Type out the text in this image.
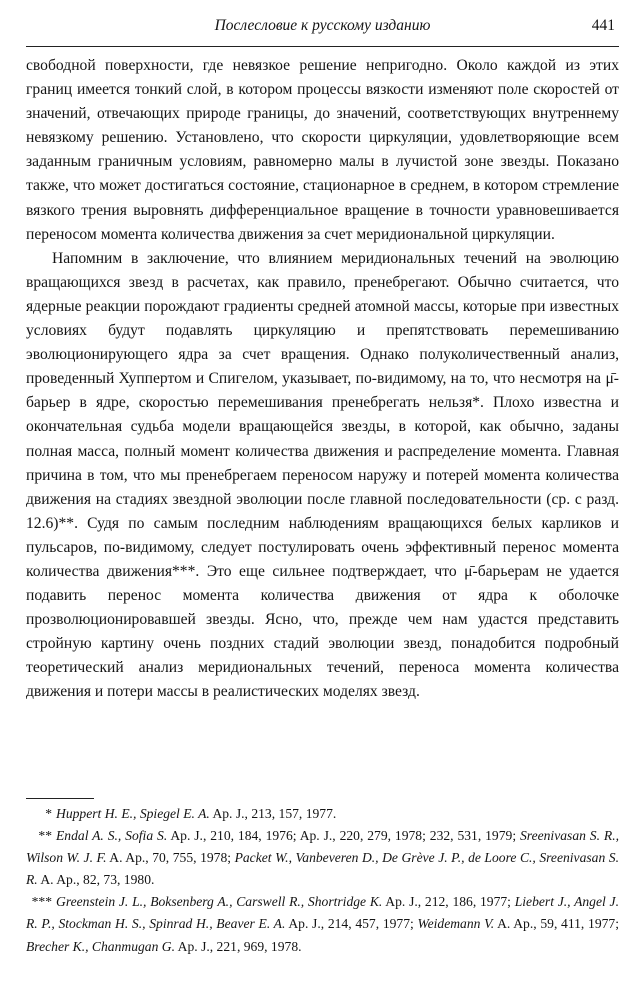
Послесловие к русскому изданию	441

свободной поверхности, где невязкое решение непригодно. Около каждой из этих границ имеется тонкий слой, в котором процессы вязкости изменяют поле скоростей от значений, отвечающих природе границы, до значений, соответствующих внутреннему невязкому решению. Установлено, что скорости циркуляции, удовлетворяющие всем заданным граничным условиям, равномерно малы в лучистой зоне звезды. Показано также, что может достигаться состояние, стационарное в среднем, в котором стремление вязкого трения выровнять дифференциальное вращение в точности уравновешивается переносом момента количества движения за счет меридиональной циркуляции.

Напомним в заключение, что влиянием меридиональных течений на эволюцию вращающихся звезд в расчетах, как правило, пренебрегают. Обычно считается, что ядерные реакции порождают градиенты средней атомной массы, которые при известных условиях будут подавлять циркуляцию и препятствовать перемешиванию эволюционирующего ядра за счет вращения. Однако полуколичественный анализ, проведенный Хуппертом и Спигелом, указывает, по-видимому, на то, что несмотря на μ̄-барьер в ядре, скоростью перемешивания пренебрегать нельзя*. Плохо известна и окончательная судьба модели вращающейся звезды, в которой, как обычно, заданы полная масса, полный момент количества движения и распределение момента. Главная причина в том, что мы пренебрегаем переносом наружу и потерей момента количества движения на стадиях звездной эволюции после главной последовательности (ср. с разд. 12.6)**. Судя по самым последним наблюдениям вращающихся белых карликов и пульсаров, по-видимому, следует постулировать очень эффективный перенос момента количества движения***. Это еще сильнее подтверждает, что μ̄-барьерам не удается подавить перенос момента количества движения от ядра к оболочке прозволюционировавшей звезды. Ясно, что, прежде чем нам удастся представить стройную картину очень поздних стадий эволюции звезд, понадобится подробный теоретический анализ меридиональных течений, переноса момента количества движения и потери массы в реалистических моделях звезд.

* Huppert H. E., Spiegel E. A. Ap. J., 213, 157, 1977.

** Endal A. S., Sofia S. Ap. J., 210, 184, 1976; Ap. J., 220, 279, 1978; 232, 531, 1979; Sreenivasan S. R., Wilson W. J. F. A. Ap., 70, 755, 1978; Packet W., Vanbeveren D., De Grève J. P., de Loore C., Sreenivasan S. R. A. Ap., 82, 73, 1980.

*** Greenstein J. L., Boksenberg A., Carswell R., Shortridge K. Ap. J., 212, 186, 1977; Liebert J., Angel J. R. P., Stockman H. S., Spinrad H., Beaver E. A. Ap. J., 214, 457, 1977; Weidemann V. A. Ap., 59, 411, 1977; Brecher K., Chanmugan G. Ap. J., 221, 969, 1978.
